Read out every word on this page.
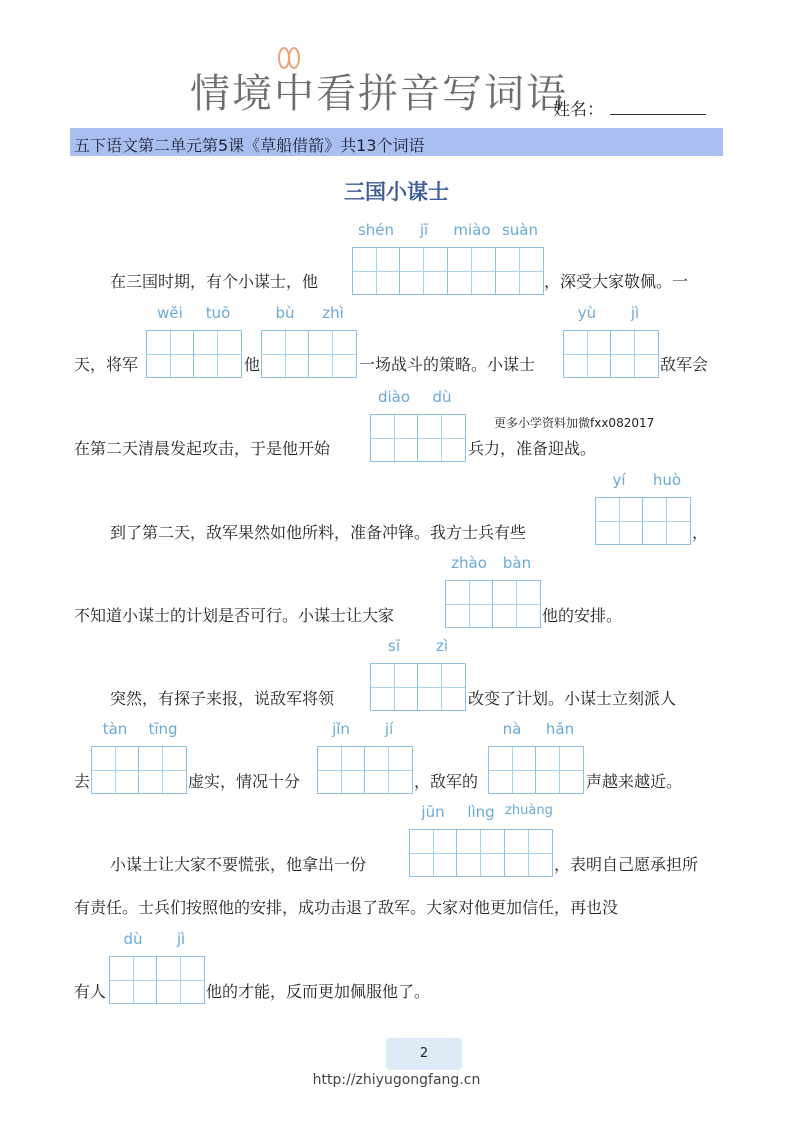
情境中看拼音写词语
姓名：
五下语文第二单元第5课《草船借箭》共13个词语
三国小谋士
在三国时期，有个小谋士，他
shén	jī	miào suàn
，深受大家敬佩。一
天，将军
wěi	tuō
他
bù	zhì
一场战斗的策略。小谋士
yù	jì
敌军会
在第二天清晨发起攻击，于是他开始
diào	dù
兵力，准备迎战。
更多小学资料加微fxx082017
到了第二天，敌军果然如他所料，准备冲锋。我方士兵有些
yí	huò
，
不知道小谋士的计划是否可行。小谋士让大家
zhào	bàn
他的安排。
突然，有探子来报，说敌军将领
sī	zì
改变了计划。小谋士立刻派人
去
tàn	tīng
虚实，情况十分
jǐn	jí
，敌军的
nà	hǎn
声越来越近。
小谋士让大家不要慌张，他拿出一份
jūn	lìng zhuàng
，表明自己愿承担所
有责任。士兵们按照他的安排，成功击退了敌军。大家对他更加信任，再也没
有人
dù	jì
他的才能，反而更加佩服他了。
2
http://zhiyugongfang.cn
